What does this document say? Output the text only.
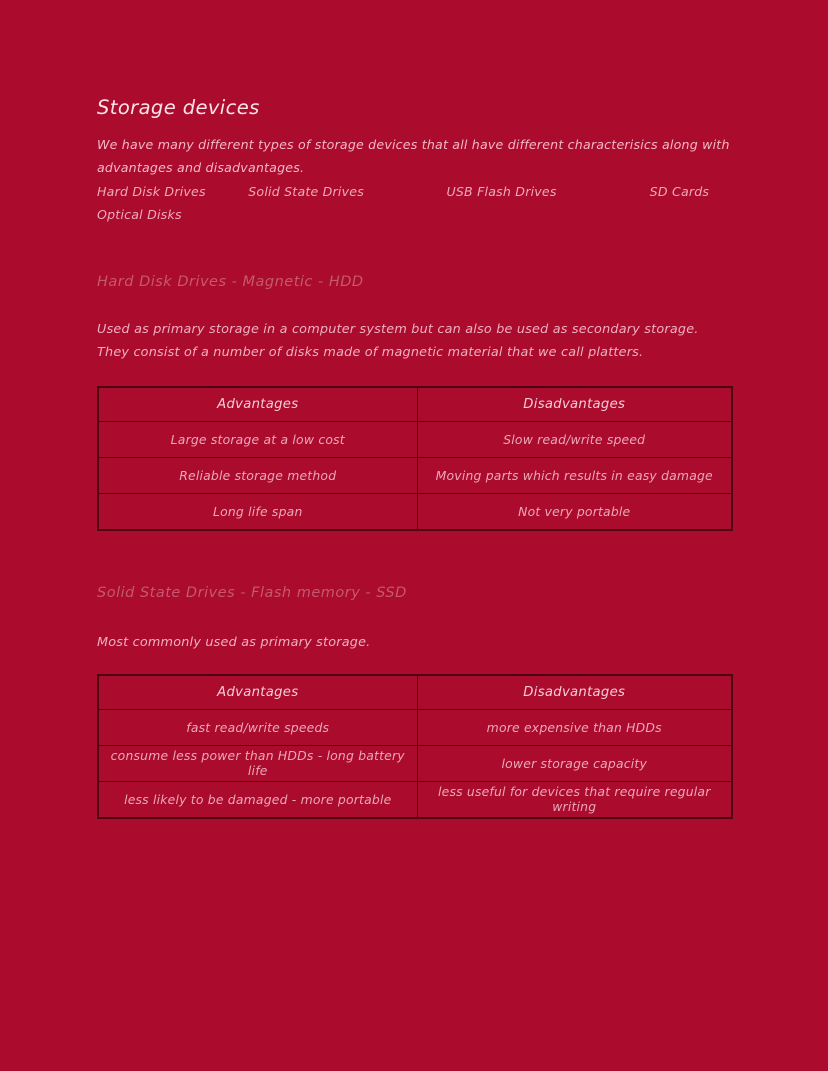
Storage devices

We have many different types of storage devices that all have different characterisics along with advantages and disadvantages.

Hard Disk Drives	Solid State Drives	USB Flash Drives	SD Cards
Optical Disks
Hard Disk Drives - Magnetic - HDD

Used as primary storage in a computer system but can also be used as secondary storage.
They consist of a number of disks made of magnetic material that we call platters.

Advantages	Disadvantages
Large storage at a low cost	Slow read/write speed
Reliable storage method	Moving parts which results in easy damage
Long life span	Not very portable
Solid State Drives - Flash memory - SSD

Most commonly used as primary storage.

Advantages	Disadvantages
fast read/write speeds	more expensive than HDDs
consume less power than HDDs - long battery life	lower storage capacity
less likely to be damaged - more portable	less useful for devices that require regular writing
